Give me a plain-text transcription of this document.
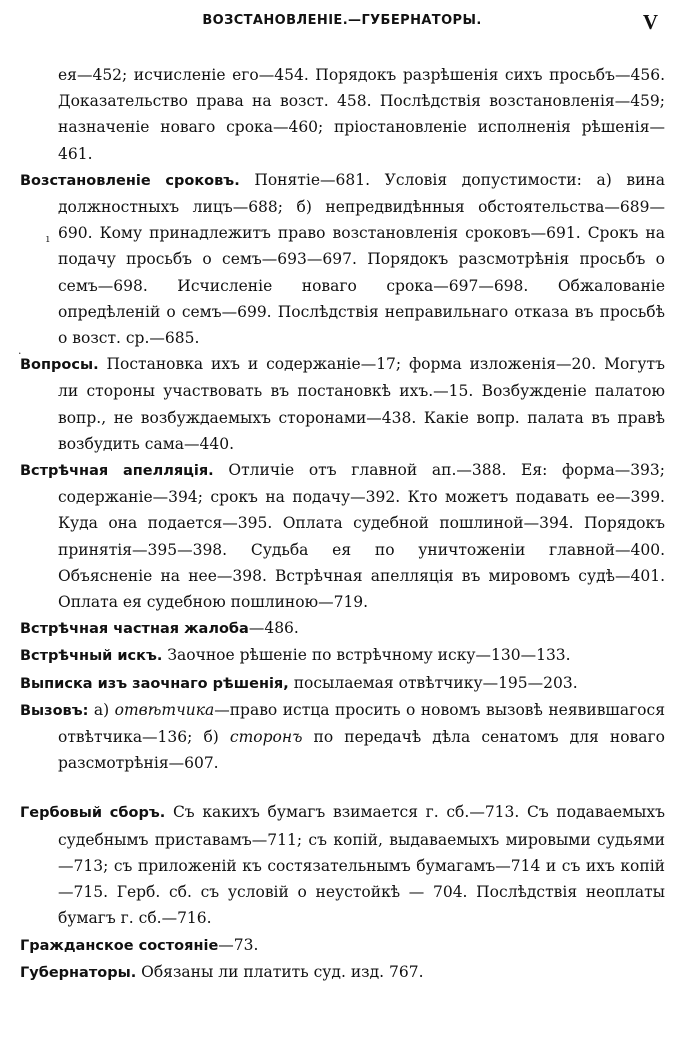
ВОЗСТАНОВЛЕНІЕ.—ГУБЕРНАТОРЫ.	V
ı
·

ея—452; исчисленіе его—454. Порядокъ разрѣшенія сихъ просьбъ—456. Доказательство права на возст. 458. Послѣдствія возстановленія—459; назначеніе новаго срока—460; пріостановленіе исполненія рѣшенія—461.

Возстановленіе сроковъ. Понятіе—681. Условія допустимости: а) вина должностныхъ лицъ—688; б) непредвидѣнныя обстоятельства—689—690. Кому принадлежитъ право возстановленія сроковъ—691. Срокъ на подачу просьбъ о семъ—693—697. Порядокъ разсмотрѣнія просьбъ о семъ—698. Исчисленіе новаго срока—697—698. Обжалованіе опредѣленій о семъ—699. Послѣдствія неправильнаго отказа въ просьбѣ о возст. ср.—685.

Вопросы. Постановка ихъ и содержаніе—17; форма изложенія—20. Могутъ ли стороны участвовать въ постановкѣ ихъ.—15. Возбужденіе палатою вопр., не возбуждаемыхъ сторонами—438. Какіе вопр. палата въ правѣ возбудить сама—440.

Встрѣчная апелляція. Отличіе отъ главной ап.—388. Ея: форма—393; содержаніе—394; срокъ на подачу—392. Кто можетъ подавать ее—399. Куда она подается—395. Оплата судебной пошлиной—394. Порядокъ принятія—395—398. Судьба ея по уничтоженіи главной—400. Объясненіе на нее—398. Встрѣчная апелляція въ мировомъ судѣ—401. Оплата ея судебною пошлиною—719.

Встрѣчная частная жалоба—486.

Встрѣчный искъ. Заочное рѣшеніе по встрѣчному иску—130—133.

Выписка изъ заочнаго рѣшенія, посылаемая отвѣтчику—195—203.

Вызовъ: а) отвѣтчика—право истца просить о новомъ вызовѣ неявившагося отвѣтчика—136; б) сторонъ по передачѣ дѣла сенатомъ для новаго разсмотрѣнія—607.

Гербовый сборъ. Съ какихъ бумагъ взимается г. сб.—713. Съ подаваемыхъ судебнымъ приставамъ—711; съ копій, выдаваемыхъ мировыми судьями—713; съ приложеній къ состязательнымъ бумагамъ—714 и съ ихъ копій—715. Герб. сб. съ условій о неустойкѣ — 704. Послѣдствія неоплаты бумагъ г. сб.—716.

Гражданское состояніе—73.

Губернаторы. Обязаны ли платить суд. изд. 767.
